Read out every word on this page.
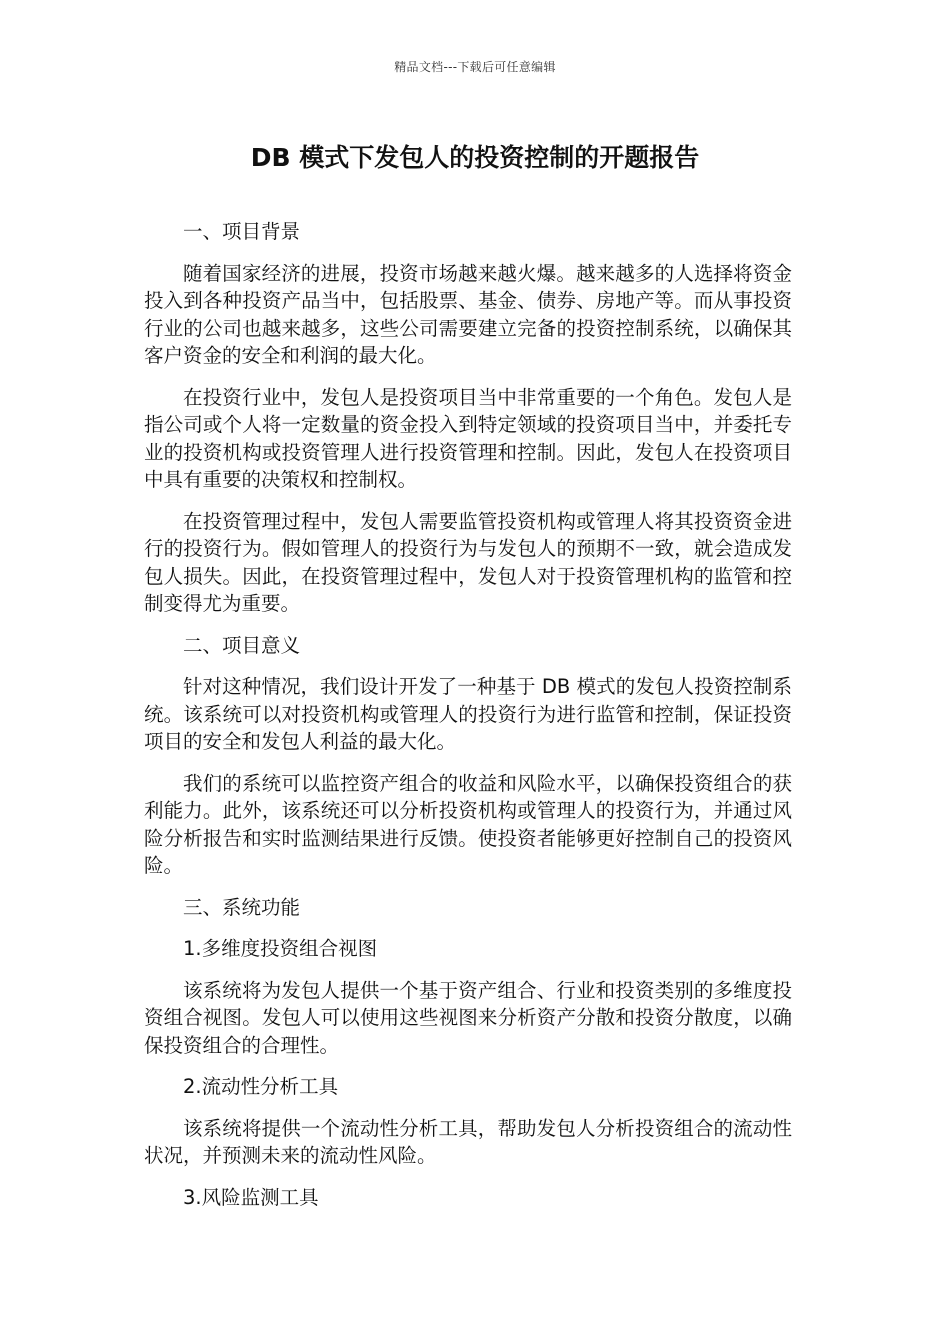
精品文档---下载后可任意编辑
DB 模式下发包人的投资控制的开题报告

一、项目背景

随着国家经济的进展，投资市场越来越火爆。越来越多的人选择将资金投入到各种投资产品当中，包括股票、基金、债券、房地产等。而从事投资行业的公司也越来越多，这些公司需要建立完备的投资控制系统，以确保其客户资金的安全和利润的最大化。

在投资行业中，发包人是投资项目当中非常重要的一个角色。发包人是指公司或个人将一定数量的资金投入到特定领域的投资项目当中，并委托专业的投资机构或投资管理人进行投资管理和控制。因此，发包人在投资项目中具有重要的决策权和控制权。

在投资管理过程中，发包人需要监管投资机构或管理人将其投资资金进行的投资行为。假如管理人的投资行为与发包人的预期不一致，就会造成发包人损失。因此，在投资管理过程中，发包人对于投资管理机构的监管和控制变得尤为重要。

二、项目意义

针对这种情况，我们设计开发了一种基于 DB 模式的发包人投资控制系统。该系统可以对投资机构或管理人的投资行为进行监管和控制，保证投资项目的安全和发包人利益的最大化。

我们的系统可以监控资产组合的收益和风险水平，以确保投资组合的获利能力。此外，该系统还可以分析投资机构或管理人的投资行为，并通过风险分析报告和实时监测结果进行反馈。使投资者能够更好控制自己的投资风险。

三、系统功能

1.多维度投资组合视图

该系统将为发包人提供一个基于资产组合、行业和投资类别的多维度投资组合视图。发包人可以使用这些视图来分析资产分散和投资分散度，以确保投资组合的合理性。

2.流动性分析工具

该系统将提供一个流动性分析工具，帮助发包人分析投资组合的流动性状况，并预测未来的流动性风险。

3.风险监测工具
